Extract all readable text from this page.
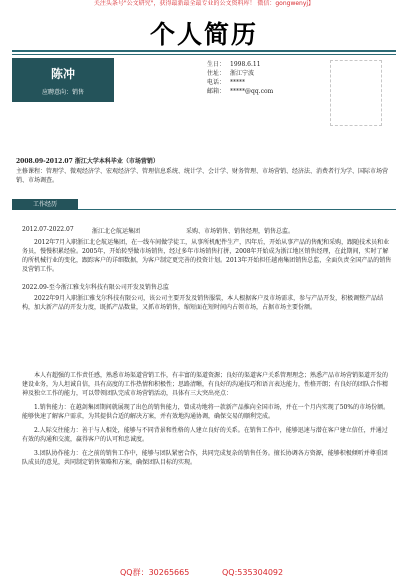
关注头条号"公文研究"，获得最新最全最专业的公文资料库！ 微信：gongwenyj】
个人简历
陈冲
应聘意向：销售
生日： 1998.6.11
住址： 浙江宁波
电话： *****
邮箱： *****@qq.com
2008.09-2012.07 浙江大学本科毕业（市场营销）
主修课程：管理学、微观经济学、宏观经济学、管理信息系统、统计学、会计学、财务管理、市场营销、经济法、消费者行为学、国际市场营销、市场调查。
工作经历
2012.07-2022.07	浙江北仑航运集团	采购、市场销售、销售经理，销售总监。
2012年7月入职浙江北仑航运集团，在一线车间做学徒工，从事所机配件生产，四年后，开始从事产品的售配和采购，跟随技术员和业务员，慢慢积累经验。2005年，开始转型做市场销售，经过多年市场销售打拼，2008年开始成为浙江地区销售经理，在此期间，实时了解的所机械行业的变化，跟踪客户的详细数据，为客户制定更完善的投资计划。2013年开始担任越南集团销售总监，全面负责全国产品的销售及营销工作。
2022.09-至今浙江雅戈尔科技有限公司开发及销售总监
2022年9月入职浙江雅戈尔科技有限公司，该公司主要开发及销售服装，本人根据客户及市场需求，参与产品开发，积极调整产品结构，加大新产品的开发力度，既抓产品数量，又抓市场销售，缩短面在短时间内占领市场，占据市场主要份额。

本人有超强的工作责任感，熟悉市场渠道营销工作，有丰富的渠道资源；良好的渠道客户关系管理理念；熟悉产品市场营销渠道开发的建设业务，为人坦诚自信，具有高度的工作热情和积极性；思路清晰，有良好的沟通技巧和语言表达能力，性格开朗；有良好的团队合作精神及独立工作的能力，可以带领团队完成市场营销活动，具体有三大突出亮点：

1.销售能力：在越剑集团期间就展现了出色的销售能力，曾成功地将一款新产品推向全国市场，并在一个月内实现了50%的市场份额。能够快速了解客户需求，为其提供合适的解决方案，并有效地沟通协调，确保交易的顺利完成。

2.人际交往能力：善于与人相处，能够与不同背景和性格的人建立良好的关系。在销售工作中，能够迅速与潜在客户建立信任，并通过有效的沟通和交流，赢得客户的认可和忠诚度。

3.团队协作能力：在之前的销售工作中，能够与团队紧密合作，共同完成复杂的销售任务。擅长协调各方资源，能够积极倾听并尊重团队成员的意见，共同制定销售策略和方案，确保团队目标的实现。

QQ群：30265665	QQ:535304092
